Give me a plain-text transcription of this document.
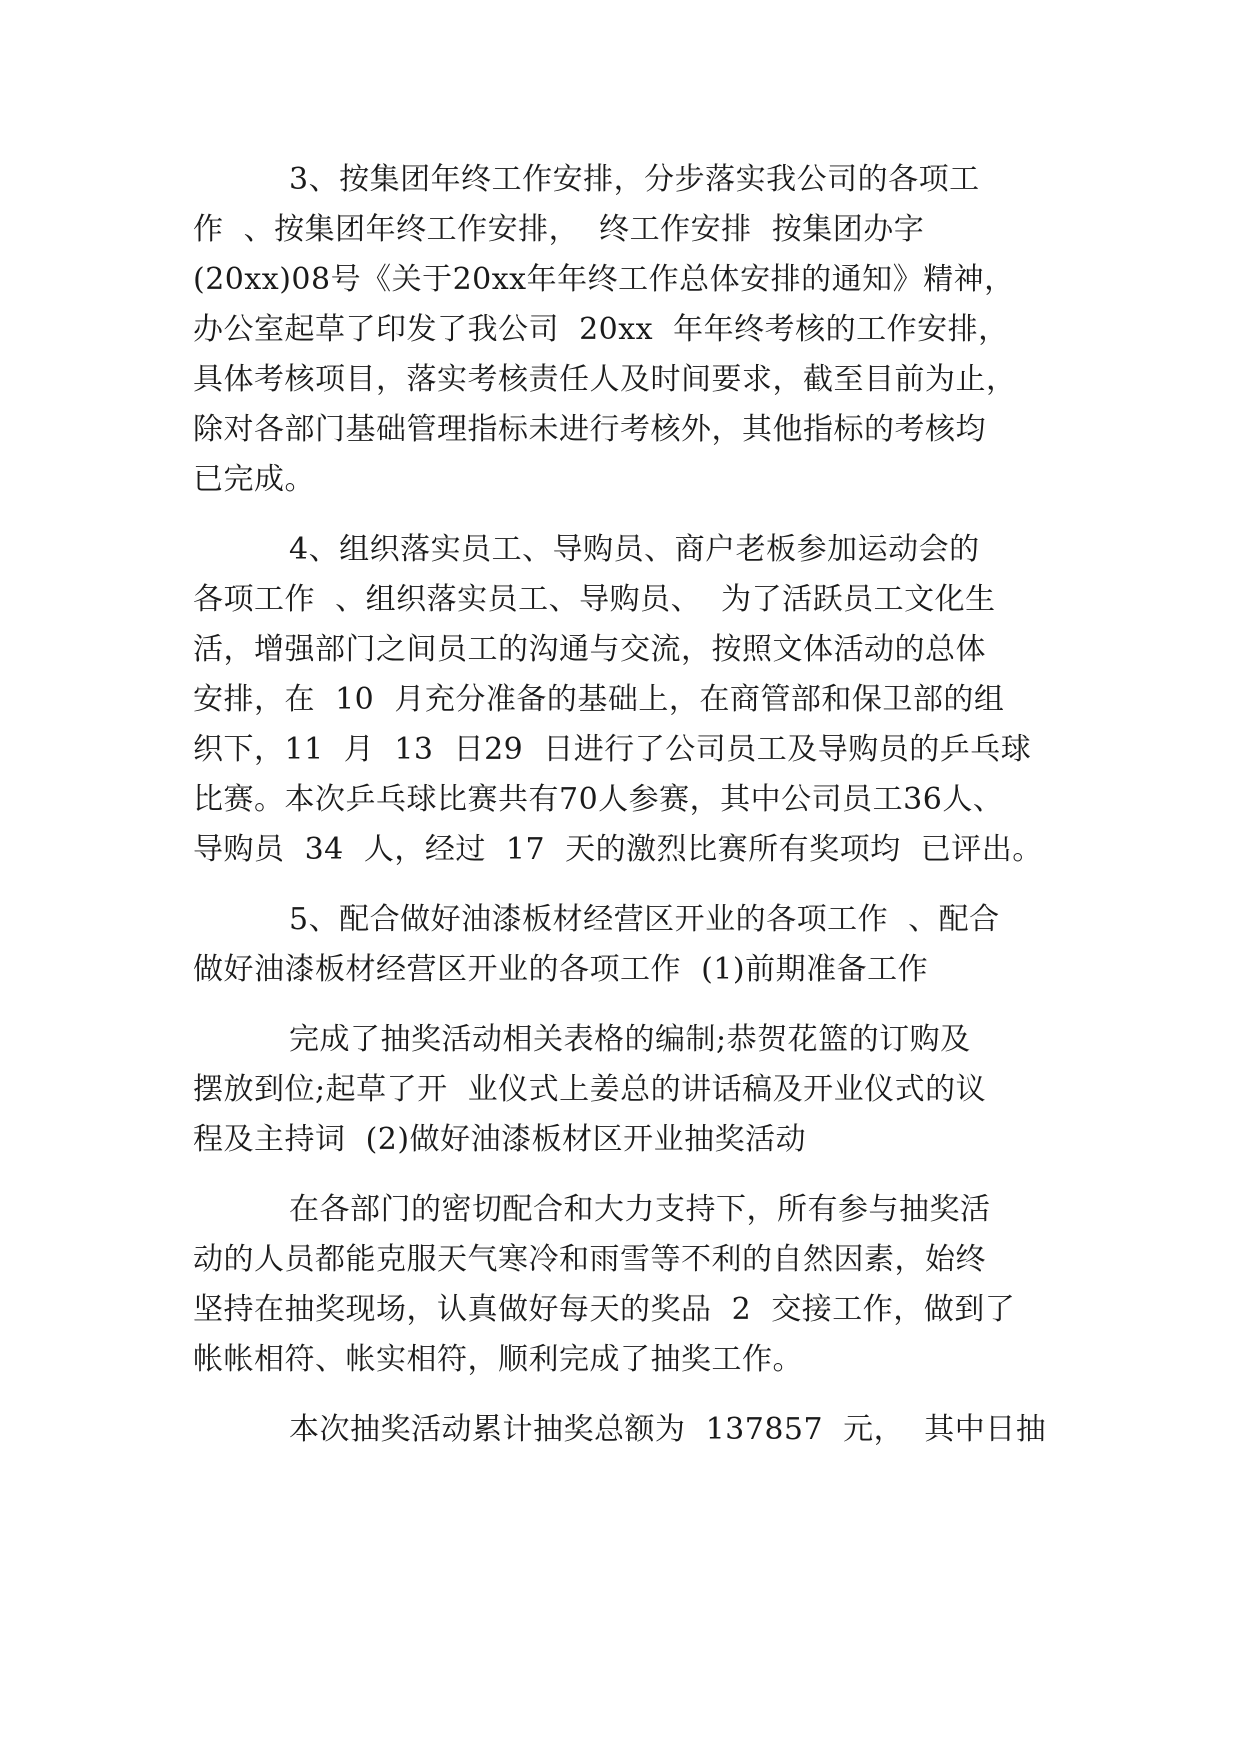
3、按集团年终工作安排，分步落实我公司的各项工
作  、按集团年终工作安排，  终工作安排  按集团办字
(20xx)08号《关于20xx年年终工作总体安排的通知》精神，
办公室起草了印发了我公司  20xx  年年终考核的工作安排，
具体考核项目，落实考核责任人及时间要求，截至目前为止，
除对各部门基础管理指标未进行考核外，其他指标的考核均
已完成。
4、组织落实员工、导购员、商户老板参加运动会的
各项工作  、组织落实员工、导购员、  为了活跃员工文化生
活，增强部门之间员工的沟通与交流，按照文体活动的总体
安排，在  10  月充分准备的基础上，在商管部和保卫部的组
织下，11  月  13  日29  日进行了公司员工及导购员的乒乓球
比赛。本次乒乓球比赛共有70人参赛，其中公司员工36人、
导购员  34  人，经过  17  天的激烈比赛所有奖项均  已评出。
5、配合做好油漆板材经营区开业的各项工作  、配合
做好油漆板材经营区开业的各项工作  (1)前期准备工作
完成了抽奖活动相关表格的编制;恭贺花篮的订购及
摆放到位;起草了开  业仪式上姜总的讲话稿及开业仪式的议
程及主持词  (2)做好油漆板材区开业抽奖活动
在各部门的密切配合和大力支持下，所有参与抽奖活
动的人员都能克服天气寒冷和雨雪等不利的自然因素，始终
坚持在抽奖现场，认真做好每天的奖品  2  交接工作，做到了
帐帐相符、帐实相符，顺利完成了抽奖工作。
本次抽奖活动累计抽奖总额为  137857  元，  其中日抽
